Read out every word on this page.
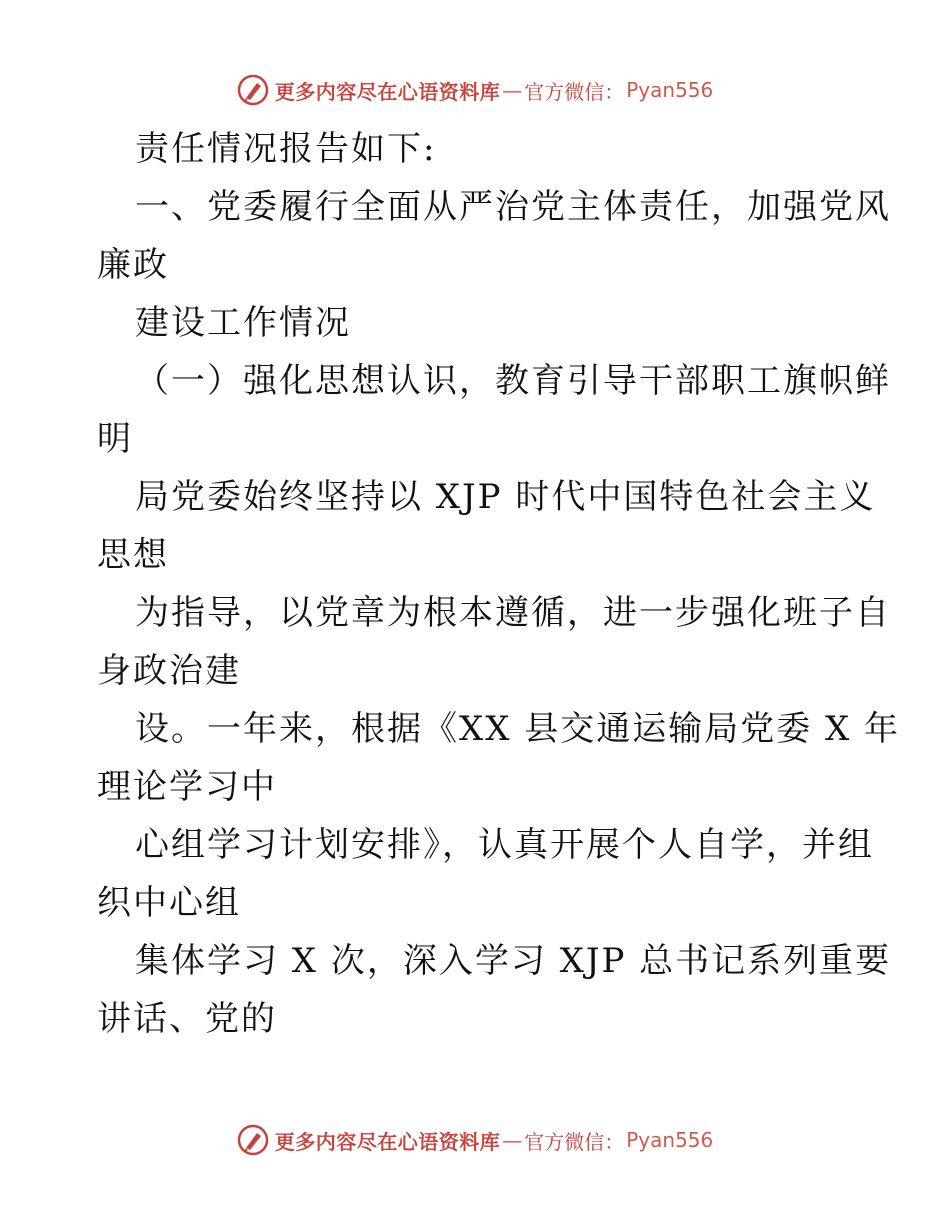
更多内容尽在心语资料库 — 官方微信： Pyan556
责任情况报告如下:
一、党委履行全面从严治党主体责任，加强党风
廉政
建设工作情况
（一）强化思想认识，教育引导干部职工旗帜鲜
明
局党委始终坚持以 XJP 时代中国特色社会主义
思想
为指导，以党章为根本遵循，进一步强化班子自
身政治建
设。一年来，根据《XX 县交通运输局党委 X 年
理论学习中
心组学习计划安排》，认真开展个人自学，并组
织中心组
集体学习 X 次，深入学习 XJP 总书记系列重要
讲话、党的
更多内容尽在心语资料库 — 官方微信： Pyan556
